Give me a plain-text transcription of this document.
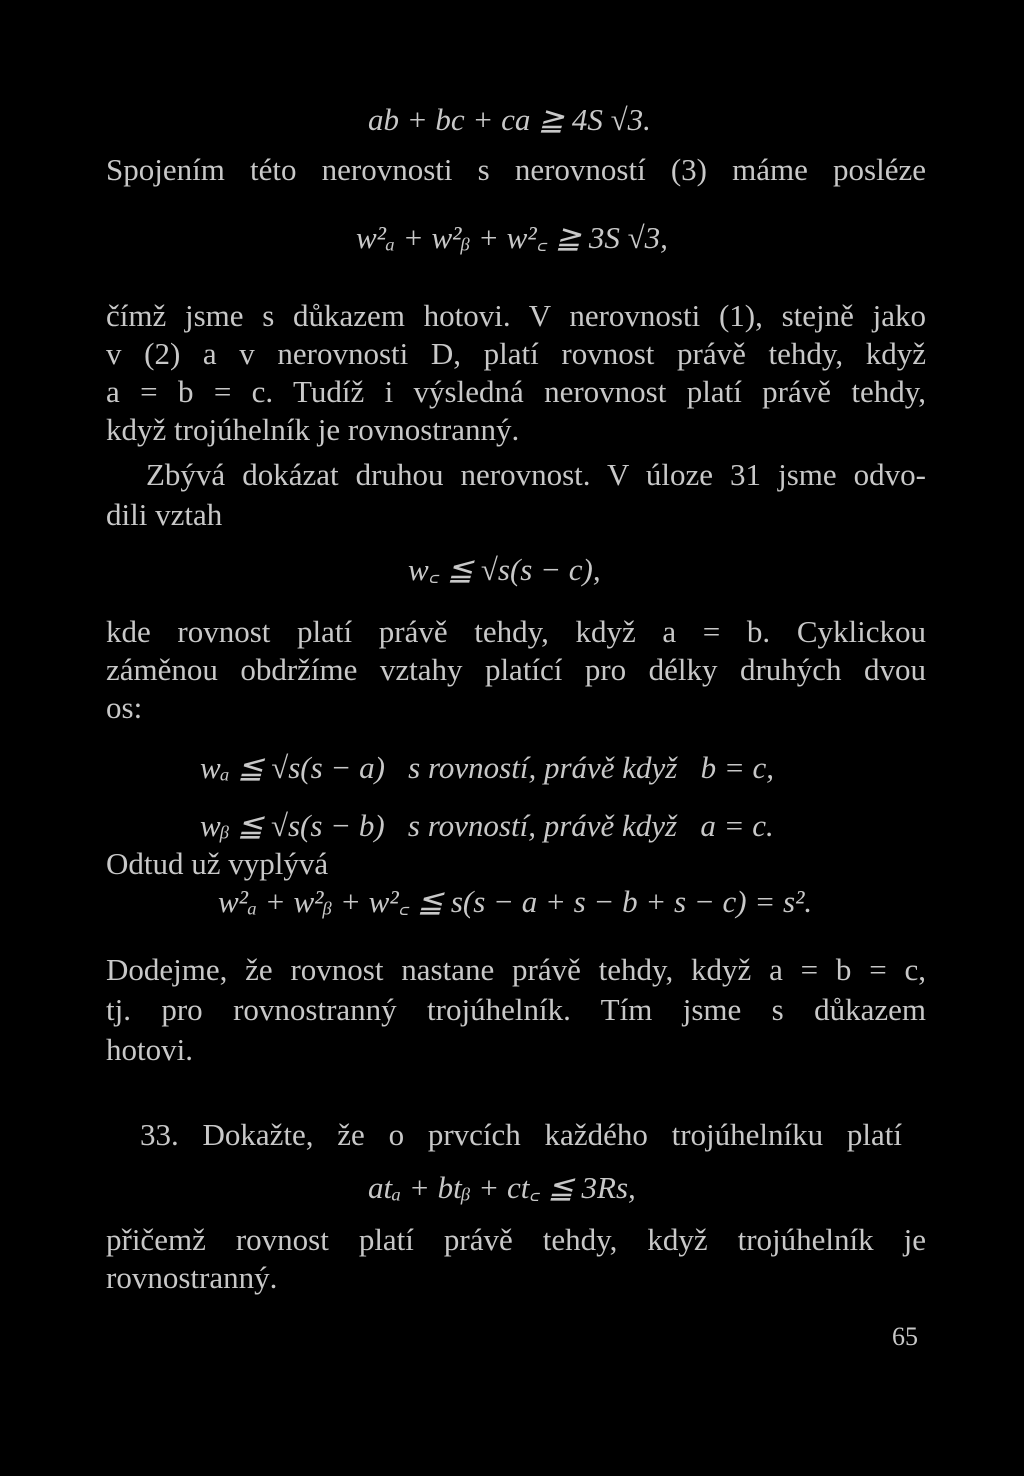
ab + bc + ca ≧ 4S √3.
Spojením této nerovnosti s nerovností (3) máme posléze
w²ₐ + w²ᵦ + w²꜀ ≧ 3S √3,
čímž jsme s důkazem hotovi. V nerovnosti (1), stejně jako
v (2) a v nerovnosti D, platí rovnost právě tehdy, když
a = b = c. Tudíž i výsledná nerovnost platí právě tehdy,
když trojúhelník je rovnostranný.
Zbývá dokázat druhou nerovnost. V úloze 31 jsme odvo-
dili vztah
w꜀ ≦ √s(s − c),
kde rovnost platí právě tehdy, když a = b. Cyklickou
záměnou obdržíme vztahy platící pro délky druhých dvou
os:
wₐ ≦ √s(s − a)   s rovností, právě když   b = c,
wᵦ ≦ √s(s − b)   s rovností, právě když   a = c.
Odtud už vyplývá
w²ₐ + w²ᵦ + w²꜀ ≦ s(s − a + s − b + s − c) = s².
Dodejme, že rovnost nastane právě tehdy, když a = b = c,
tj. pro rovnostranný trojúhelník. Tím jsme s důkazem
hotovi.
33. Dokažte, že o prvcích každého trojúhelníku platí
atₐ + btᵦ + ct꜀ ≦ 3Rs,
přičemž rovnost platí právě tehdy, když trojúhelník je
rovnostranný.
65
